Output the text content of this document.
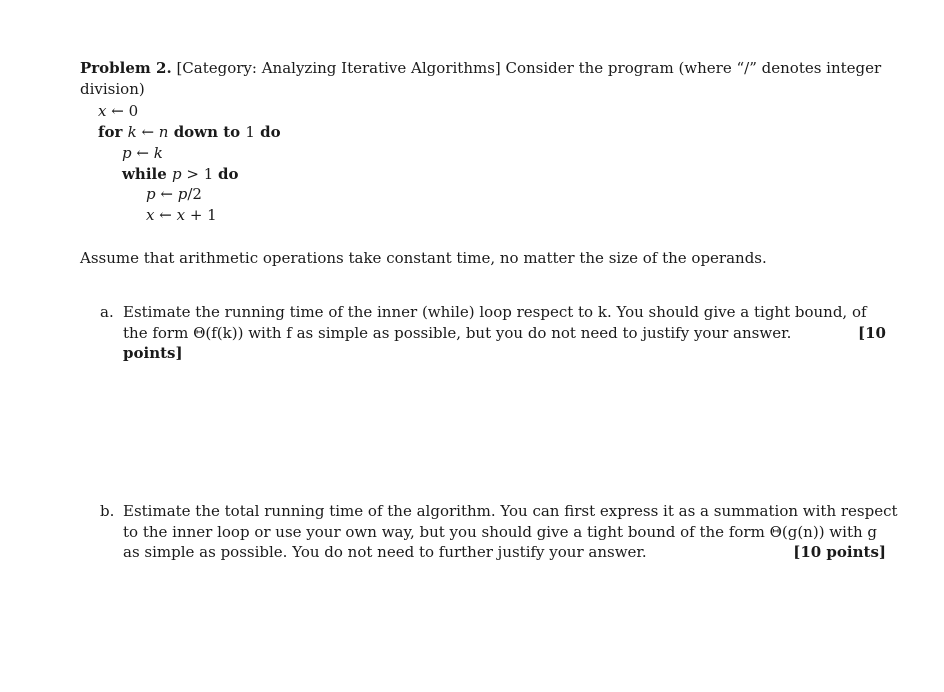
Problem 2. [Category: Analyzing Iterative Algorithms] Consider the program (where “/” denotes integer
division)
x ← 0
for k ← n down to 1 do
p ← k
while p > 1 do
p ← p/2
x ← x + 1
Assume that arithmetic operations take constant time, no matter the size of the operands.
a. Estimate the running time of the inner (while) loop respect to k. You should give a tight bound, of
the form Θ(f(k)) with f as simple as possible, but you do not need to justify your answer.	[10
points]
b. Estimate the total running time of the algorithm. You can first express it as a summation with respect
to the inner loop or use your own way, but you should give a tight bound of the form Θ(g(n)) with g
as simple as possible. You do not need to further justify your answer.	[10 points]
